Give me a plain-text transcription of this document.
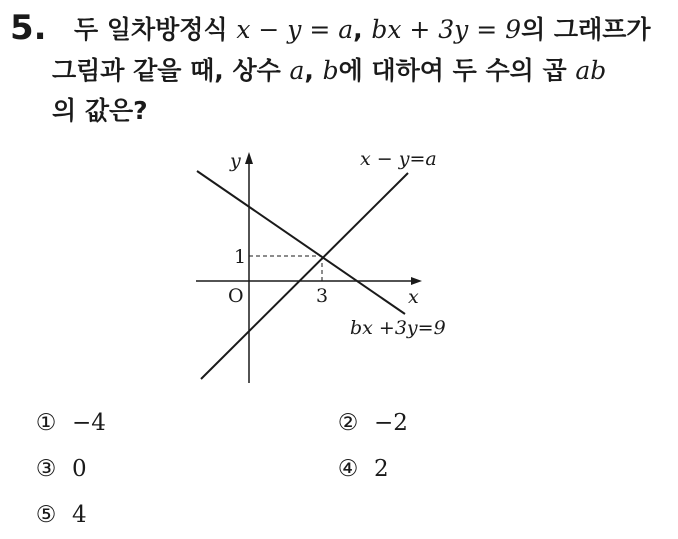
5. 두 일차방정식 x − y = a, bx + 3y = 9의 그래프가
그림과 같을 때, 상수 a, b에 대하여 두 수의 곱 ab
의 값은?
y
x
O
1
3
x − y=a
bx +3y=9
① −4	② −2
③ 0	④ 2
⑤ 4
